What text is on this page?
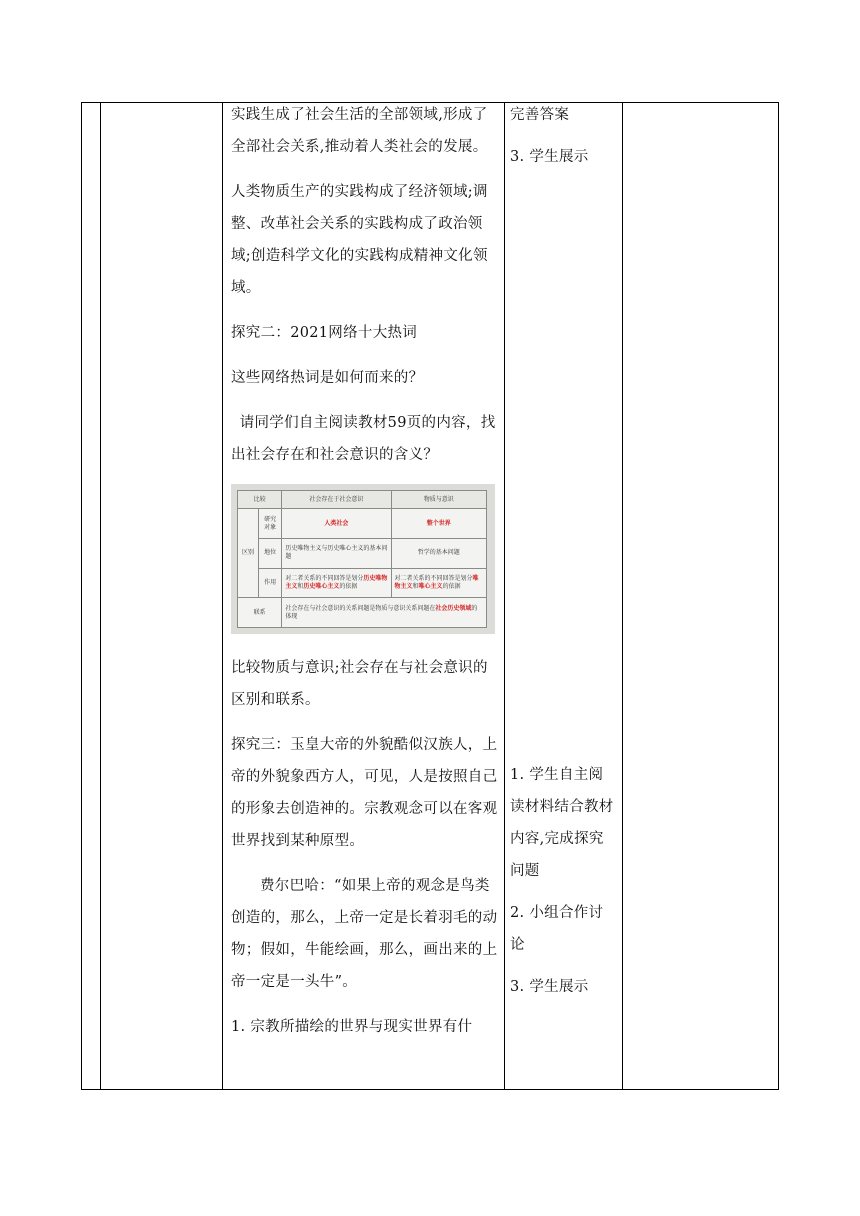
实践生成了社会生活的全部领域,形成了全部社会关系,推动着人类社会的发展。

人类物质生产的实践构成了经济领域;调整、改革社会关系的实践构成了政治领域;创造科学文化的实践构成精神文化领域。

探究二：2021网络十大热词

这些网络热词是如何而来的？

请同学们自主阅读教材59页的内容，找出社会存在和社会意识的含义？

比较		社会存在于社会意识	物质与意识
区别	研究对象	人类社会	整个世界
	地位	历史唯物主义与历史唯心主义的基本问题	哲学的基本问题
	作用	对二者关系的不同回答是划分历史唯物主义和历史唯心主义的依据	对二者关系的不同回答是划分唯物主义和唯心主义的依据
联系		社会存在与社会意识的关系问题是物质与意识关系问题在社会历史领域的体现	

比较物质与意识;社会存在与社会意识的区别和联系。

探究三：玉皇大帝的外貌酷似汉族人，上帝的外貌象西方人，可见，人是按照自己的形象去创造神的。宗教观念可以在客观世界找到某种原型。

费尔巴哈：“如果上帝的观念是鸟类创造的，那么，上帝一定是长着羽毛的动物；假如，牛能绘画，那么，画出来的上帝一定是一头牛”。

1. 宗教所描绘的世界与现实世界有什

完善答案

3. 学生展示

1. 学生自主阅读材料结合教材内容,完成探究问题

2. 小组合作讨论

3. 学生展示
